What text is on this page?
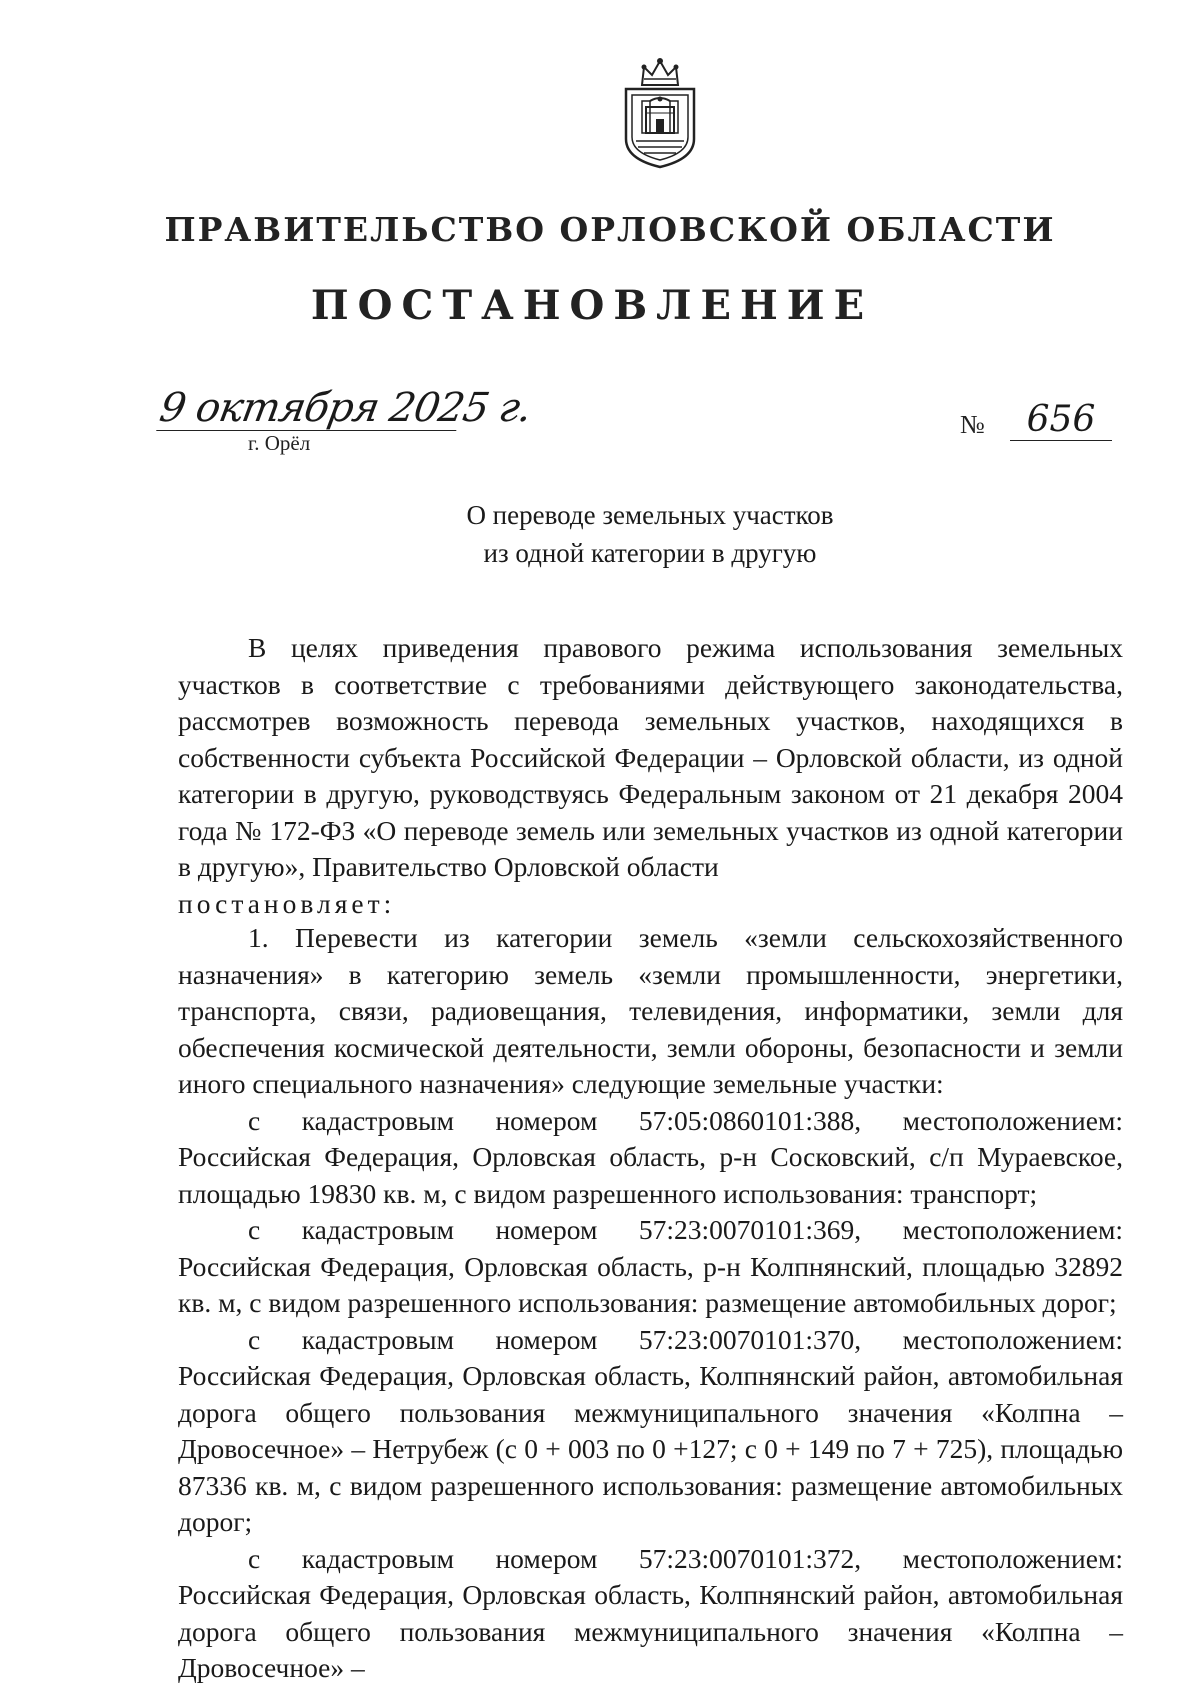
ПРАВИТЕЛЬСТВО ОРЛОВСКОЙ ОБЛАСТИ
ПОСТАНОВЛЕНИЕ
9 октября 2025 г.
г. Орёл
№	656
О переводе земельных участков
из одной категории в другую

В целях приведения правового режима использования земельных участков в соответствие с требованиями действующего законодательства, рассмотрев возможность перевода земельных участков, находящихся в собственности субъекта Российской Федерации – Орловской области, из одной категории в другую, руководствуясь Федеральным законом от 21 декабря 2004 года № 172-ФЗ «О переводе земель или земельных участков из одной категории в другую», Правительство Орловской области

постановляет:

1. Перевести из категории земель «земли сельскохозяйственного назначения» в категорию земель «земли промышленности, энергетики, транспорта, связи, радиовещания, телевидения, информатики, земли для обеспечения космической деятельности, земли обороны, безопасности и земли иного специального назначения» следующие земельные участки:

с кадастровым номером 57:05:0860101:388, местоположением: Российская Федерация, Орловская область, р-н Сосковский, с/п Мураевское, площадью 19830 кв. м, с видом разрешенного использования: транспорт;

с кадастровым номером 57:23:0070101:369, местоположением: Российская Федерация, Орловская область, р-н Колпнянский, площадью 32892 кв. м, с видом разрешенного использования: размещение автомобильных дорог;

с кадастровым номером 57:23:0070101:370, местоположением: Российская Федерация, Орловская область, Колпнянский район, автомобильная дорога общего пользования межмуниципального значения «Колпна – Дровосечное» – Нетрубеж (с 0 + 003 по 0 +127; с 0 + 149 по 7 + 725), площадью 87336 кв. м, с видом разрешенного использования: размещение автомобильных дорог;

с кадастровым номером 57:23:0070101:372, местоположением: Российская Федерация, Орловская область, Колпнянский район, автомобильная дорога общего пользования межмуниципального значения «Колпна – Дровосечное» –
